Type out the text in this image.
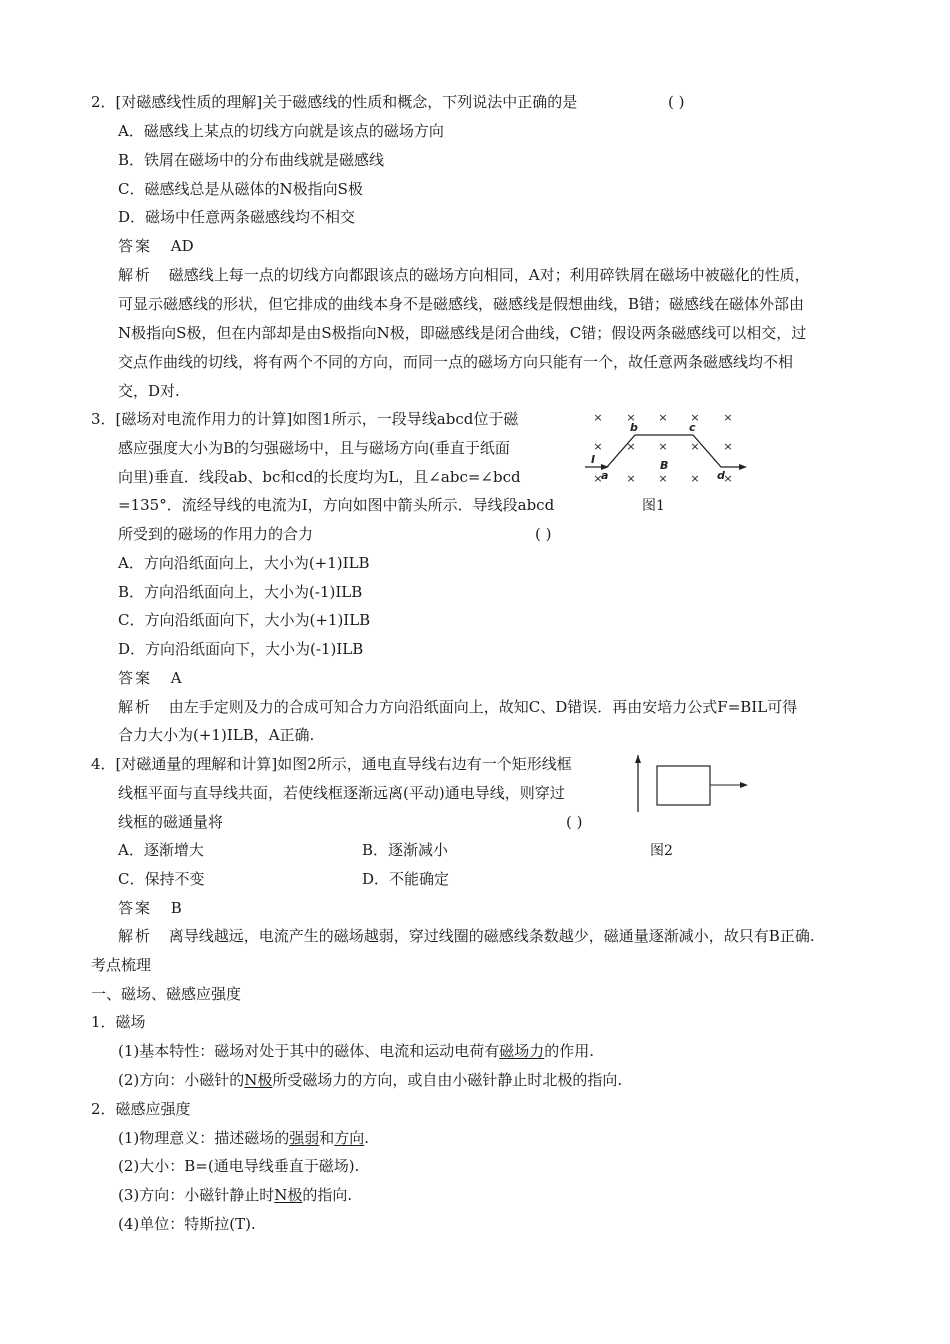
2．[对磁感线性质的理解]关于磁感线的性质和概念，下列说法中正确的是	( )
A．磁感线上某点的切线方向就是该点的磁场方向
B．铁屑在磁场中的分布曲线就是磁感线
C．磁感线总是从磁体的N极指向S极
D．磁场中任意两条磁感线均不相交
答案 AD
解析 磁感线上每一点的切线方向都跟该点的磁场方向相同，A对；利用碎铁屑在磁场中被磁化的性质，
可显示磁感线的形状，但它排成的曲线本身不是磁感线，磁感线是假想曲线，B错；磁感线在磁体外部由
N极指向S极，但在内部却是由S极指向N极，即磁感线是闭合曲线，C错；假设两条磁感线可以相交，过
交点作曲线的切线，将有两个不同的方向，而同一点的磁场方向只能有一个，故任意两条磁感线均不相
交，D对.
3．[磁场对电流作用力的计算]如图1所示，一段导线abcd位于磁
感应强度大小为B的匀强磁场中，且与磁场方向(垂直于纸面
向里)垂直．线段ab、bc和cd的长度均为L，且∠abc=∠bcd
=135°．流经导线的电流为I，方向如图中箭头所示．导线段abcd
所受到的磁场的作用力的合力	( )
× × × × ×
× × × × ×
× × × × ×
a
b	c
d
I	B
图1
A．方向沿纸面向上，大小为(+1)ILB
B．方向沿纸面向上，大小为(-1)ILB
C．方向沿纸面向下，大小为(+1)ILB
D．方向沿纸面向下，大小为(-1)ILB
答案 A
解析 由左手定则及力的合成可知合力方向沿纸面向上，故知C、D错误．再由安培力公式F=BIL可得
合力大小为(+1)ILB，A正确.
4．[对磁通量的理解和计算]如图2所示，通电直导线右边有一个矩形线框
线框平面与直导线共面，若使线框逐渐远离(平动)通电导线，则穿过
线框的磁通量将	( )
A．逐渐增大	B．逐渐减小	图2
C．保持不变	D．不能确定
答案 B
解析 离导线越远，电流产生的磁场越弱，穿过线圈的磁感线条数越少，磁通量逐渐减小，故只有B正确.
考点梳理
一、磁场、磁感应强度
1．磁场
(1)基本特性：磁场对处于其中的磁体、电流和运动电荷有磁场力的作用.
(2)方向：小磁针的N极所受磁场力的方向，或自由小磁针静止时北极的指向.
2．磁感应强度
(1)物理意义：描述磁场的强弱和方向.
(2)大小：B=(通电导线垂直于磁场).
(3)方向：小磁针静止时N极的指向.
(4)单位：特斯拉(T).
